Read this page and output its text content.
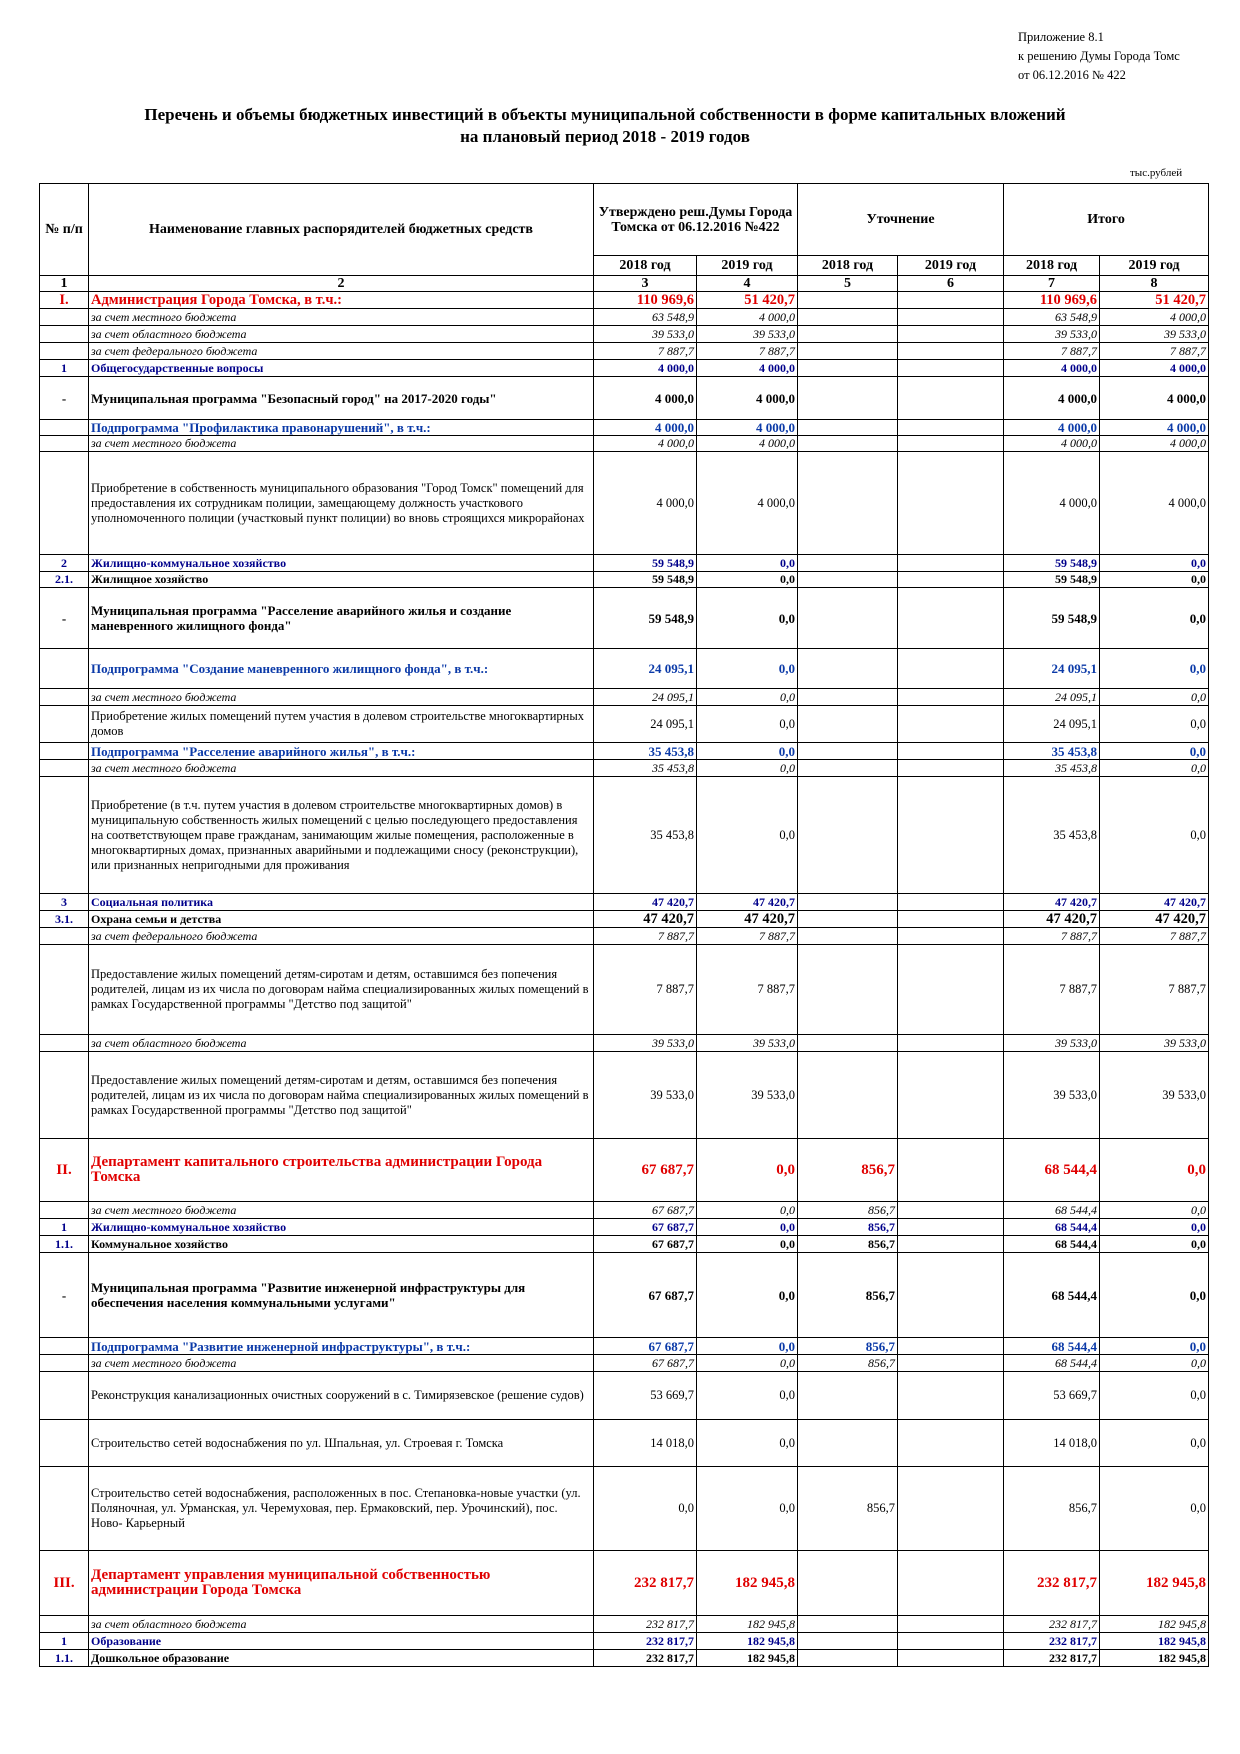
Приложение 8.1
к решению Думы Города Томс
от 06.12.2016 № 422
Перечень и объемы бюджетных инвестиций в объекты муниципальной собственности в форме капитальных вложений
на плановый период 2018 - 2019 годов
тыс.рублей
№ п/п	Наименование главных распорядителей бюджетных средств	Утверждено реш.Думы Города Томска от 06.12.2016 №422		Уточнение		Итого	
		2018 год	2019 год	2018 год	2019 год	2018 год	2019 год
1	2	3	4	5	6	7	8
I.	Администрация Города Томска, в т.ч.:	110 969,6	51 420,7			110 969,6	51 420,7
	за счет местного бюджета	63 548,9	4 000,0			63 548,9	4 000,0
	за счет областного бюджета	39 533,0	39 533,0			39 533,0	39 533,0
	за счет федерального бюджета	7 887,7	7 887,7			7 887,7	7 887,7
1	Общегосударственные вопросы	4 000,0	4 000,0			4 000,0	4 000,0
-	Муниципальная программа "Безопасный город" на 2017-2020 годы"	4 000,0	4 000,0			4 000,0	4 000,0
	Подпрограмма "Профилактика правонарушений", в т.ч.:	4 000,0	4 000,0			4 000,0	4 000,0
	за счет местного бюджета	4 000,0	4 000,0			4 000,0	4 000,0
	Приобретение в собственность муниципального образования "Город Томск" помещений для предоставления их сотрудникам полиции, замещающему должность участкового уполномоченного полиции (участковый пункт полиции) во вновь строящихся микрорайонах	4 000,0	4 000,0			4 000,0	4 000,0
2	Жилищно-коммунальное хозяйство	59 548,9	0,0			59 548,9	0,0
2.1.	Жилищное хозяйство	59 548,9	0,0			59 548,9	0,0
-	Муниципальная программа "Расселение аварийного жилья и создание маневренного жилищного фонда"	59 548,9	0,0			59 548,9	0,0
	Подпрограмма "Создание маневренного жилищного фонда", в т.ч.:	24 095,1	0,0			24 095,1	0,0
	за счет местного бюджета	24 095,1	0,0			24 095,1	0,0
	Приобретение жилых помещений путем участия в долевом строительстве многоквартирных домов	24 095,1	0,0			24 095,1	0,0
	Подпрограмма "Расселение аварийного жилья", в т.ч.:	35 453,8	0,0			35 453,8	0,0
	за счет местного бюджета	35 453,8	0,0			35 453,8	0,0
	Приобретение (в т.ч. путем участия в долевом строительстве многоквартирных домов) в муниципальную собственность жилых помещений с целью последующего предоставления на соответствующем праве гражданам, занимающим жилые помещения, расположенные в многоквартирных домах, признанных аварийными и подлежащими сносу (реконструкции), или признанных непригодными для проживания	35 453,8	0,0			35 453,8	0,0
3	Социальная политика	47 420,7	47 420,7			47 420,7	47 420,7
3.1.	Охрана семьи и детства	47 420,7	47 420,7			47 420,7	47 420,7
	за счет федерального бюджета	7 887,7	7 887,7			7 887,7	7 887,7
	Предоставление жилых помещений детям-сиротам и детям, оставшимся без попечения родителей, лицам из их числа по договорам найма специализированных жилых помещений в рамках Государственной программы "Детство под защитой"	7 887,7	7 887,7			7 887,7	7 887,7
	за счет областного бюджета	39 533,0	39 533,0			39 533,0	39 533,0
	Предоставление жилых помещений детям-сиротам и детям, оставшимся без попечения родителей, лицам из их числа по договорам найма специализированных жилых помещений в рамках Государственной программы "Детство под защитой"	39 533,0	39 533,0			39 533,0	39 533,0
II.	Департамент капитального строительства администрации Города Томска	67 687,7	0,0	856,7		68 544,4	0,0
	за счет местного бюджета	67 687,7	0,0	856,7		68 544,4	0,0
1	Жилищно-коммунальное хозяйство	67 687,7	0,0	856,7		68 544,4	0,0
1.1.	Коммунальное хозяйство	67 687,7	0,0	856,7		68 544,4	0,0
-	Муниципальная программа "Развитие инженерной инфраструктуры для обеспечения населения коммунальными услугами"	67 687,7	0,0	856,7		68 544,4	0,0
	Подпрограмма "Развитие инженерной инфраструктуры", в т.ч.:	67 687,7	0,0	856,7		68 544,4	0,0
	за счет местного бюджета	67 687,7	0,0	856,7		68 544,4	0,0
	Реконструкция канализационных очистных сооружений в с. Тимирязевское (решение судов)	53 669,7	0,0			53 669,7	0,0
	Строительство сетей водоснабжения по ул. Шпальная, ул. Строевая г. Томска	14 018,0	0,0			14 018,0	0,0
	Строительство сетей водоснабжения, расположенных в пос. Степановка-новые участки (ул. Поляночная, ул. Урманская, ул. Черемуховая, пер. Ермаковский, пер. Урочинский), пос. Ново- Карьерный	0,0	0,0	856,7		856,7	0,0
III.	Департамент управления муниципальной собственностью администрации Города Томска	232 817,7	182 945,8			232 817,7	182 945,8
	за счет областного бюджета	232 817,7	182 945,8			232 817,7	182 945,8
1	Образование	232 817,7	182 945,8			232 817,7	182 945,8
1.1.	Дошкольное образование	232 817,7	182 945,8			232 817,7	182 945,8
